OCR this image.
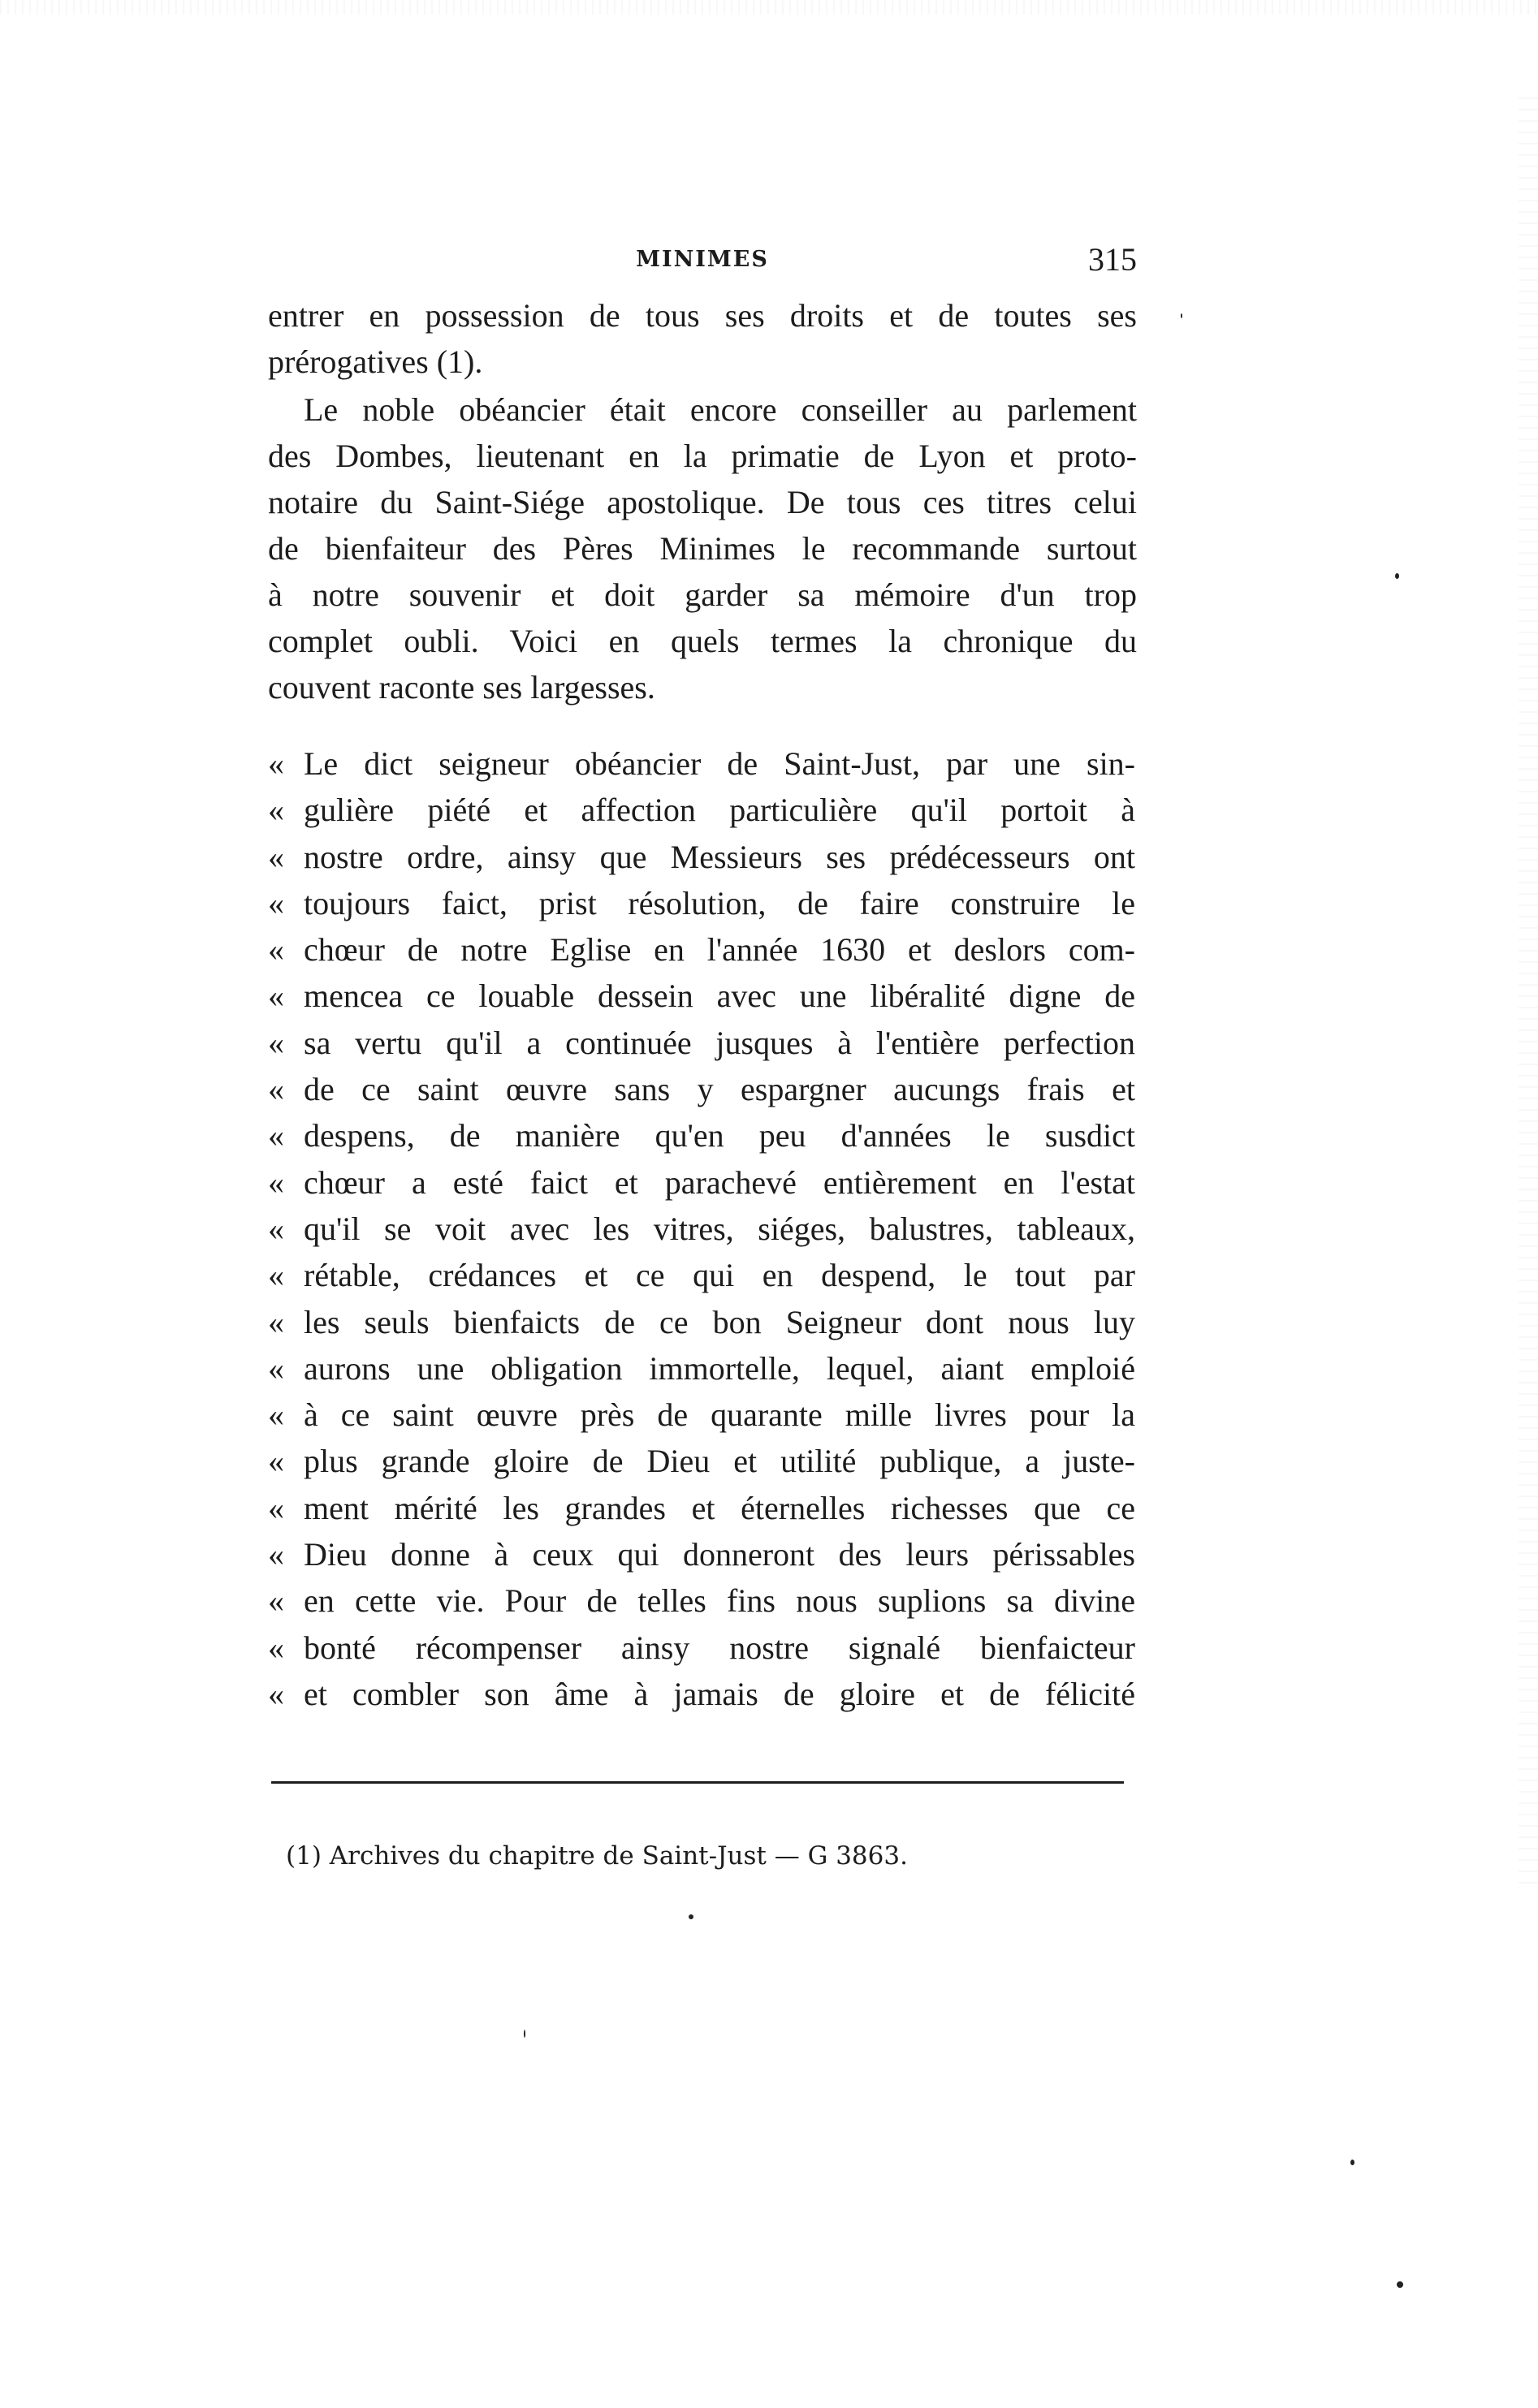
MINIMES	315
entrer en possession de tous ses droits et de toutes ses
prérogatives (1).
Le noble obéancier était encore conseiller au parlement
des Dombes, lieutenant en la primatie de Lyon et proto-
notaire du Saint-Siége apostolique. De tous ces titres celui
de bienfaiteur des Pères Minimes le recommande surtout
à notre souvenir et doit garder sa mémoire d'un trop
complet oubli. Voici en quels termes la chronique du
couvent raconte ses largesses.
« Le dict seigneur obéancier de Saint-Just, par une sin-
« gulière piété et affection particulière qu'il portoit à
« nostre ordre, ainsy que Messieurs ses prédécesseurs ont
« toujours faict, prist résolution, de faire construire le
« chœur de notre Eglise en l'année 1630 et deslors com-
« mencea ce louable dessein avec une libéralité digne de
« sa vertu qu'il a continuée jusques à l'entière perfection
« de ce saint œuvre sans y espargner aucungs frais et
« despens, de manière qu'en peu d'années le susdict
« chœur a esté faict et parachevé entièrement en l'estat
« qu'il se voit avec les vitres, siéges, balustres, tableaux,
« rétable, crédances et ce qui en despend, le tout par
« les seuls bienfaicts de ce bon Seigneur dont nous luy
« aurons une obligation immortelle, lequel, aiant emploié
« à ce saint œuvre près de quarante mille livres pour la
« plus grande gloire de Dieu et utilité publique, a juste-
« ment mérité les grandes et éternelles richesses que ce
« Dieu donne à ceux qui donneront des leurs périssables
« en cette vie. Pour de telles fins nous suplions sa divine
« bonté récompenser ainsy nostre signalé bienfaicteur
« et combler son âme à jamais de gloire et de félicité
(1) Archives du chapitre de Saint-Just — G 3863.
